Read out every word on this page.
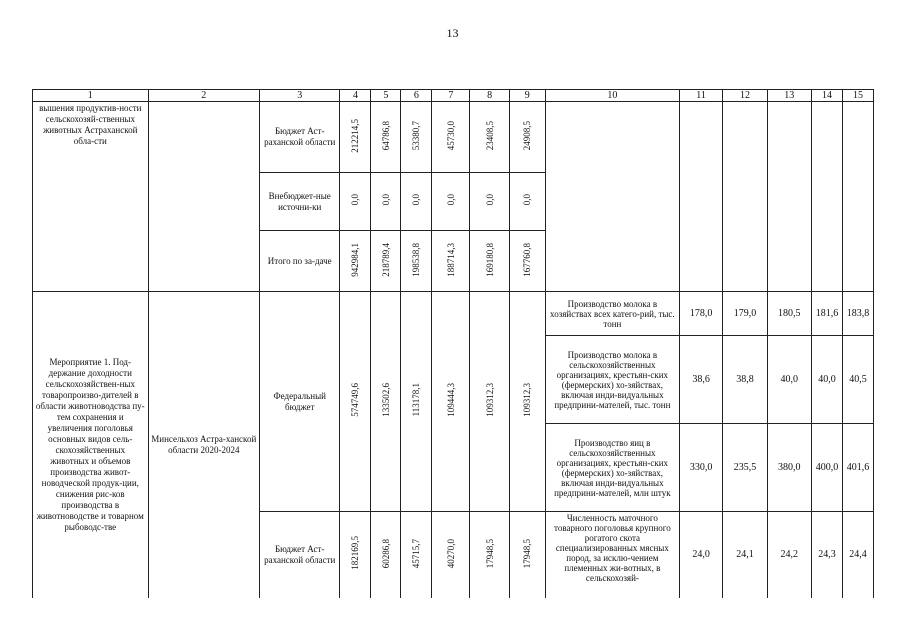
13
1	2	3	4	5	6	7	8	9	10	11	12	13	14	15
вышения продуктив-ности сельскохозяй-ственных животных Астраханской обла-сти		Бюджет Аст-раханской области	212214,5	64786,8	53380,7	45730,0	23408,5	24908,5						
		Внебюджет-ные источни-ки	0,0	0,0	0,0	0,0	0,0	0,0						
		Итого по за-даче	942984,1	218789,4	198538,8	188714,3	169180,8	167760,8						
Мероприятие 1. Под-держание доходности сельскохозяйствен-ных товаропроизво-дителей в области животноводства пу-тем сохранения и увеличения поголовья основных видов сель-скохозяйственных животных и объемов производства живот-новодческой продук-ции, снижения рис-ков производства в животноводстве и товарном рыбоводс-тве	Минсельхоз Астра-ханской области 2020-2024	Федеральный бюджет	574749,6	133502,6	113178,1	109444,3	109312,3	109312,3	Производство молока в хозяйствах всех катего-рий, тыс. тонн	178,0	179,0	180,5	181,6	183,8
									Производство молока в сельскохозяйственных организациях, крестьян-ских (фермерских) хо-зяйствах, включая инди-видуальных предприни-мателей, тыс. тонн	38,6	38,8	40,0	40,0	40,5
									Производство яиц в сельскохозяйственных организациях, крестьян-ских (фермерских) хо-зяйствах, включая инди-видуальных предприни-мателей, млн штук	330,0	235,5	380,0	400,0	401,6
		Бюджет Аст-раханской области	182169,5	60286,8	45715,7	40270,0	17948,5	17948,5	Численность маточного товарного поголовья крупного рогатого скота специализированных мясных пород, за исклю-чением племенных жи-вотных, в сельскохозяй-	24,0	24,1	24,2	24,3	24,4
